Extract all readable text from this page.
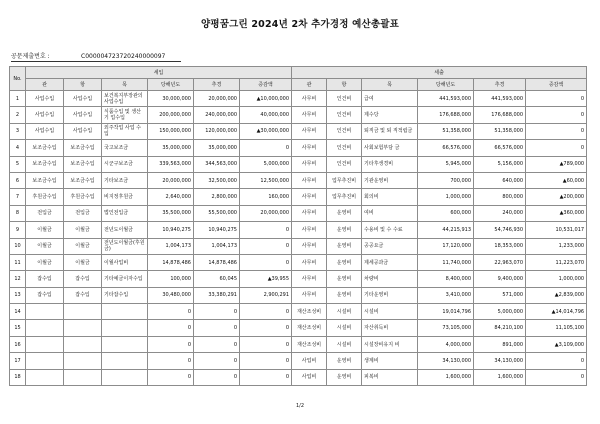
양평꿈그린 2024년 2차 추가경정 예산총괄표
공문제출번호 :	C000004723720240000097
No.	세입						세출					
	관	항	목	당해년도	추경	증감액	관	항	목	당해년도	추경	증감액
1	사업수입	사업수입	보건복지부장관의 사업수입	30,000,000	20,000,000	▲10,000,000	사무비	인건비	급여	441,593,000	441,593,000	0
2	사업수입	사업수입	식품수입 및 생산기 업수입	200,000,000	240,000,000	40,000,000	사무비	인건비	제수당	176,688,000	176,688,000	0
3	사업수입	사업수입	외주작업 사업 수입	150,000,000	120,000,000	▲30,000,000	사무비	인건비	퇴직금 및 퇴 직적립금	51,358,000	51,358,000	0
4	보조금수입	보조금수입	국고보조금	35,000,000	35,000,000	0	사무비	인건비	사회보험부담 금	66,576,000	66,576,000	0
5	보조금수입	보조금수입	시군구보조금	339,563,000	344,563,000	5,000,000	사무비	인건비	기타후생경비	5,945,000	5,156,000	▲789,000
6	보조금수입	보조금수입	기타보조금	20,000,000	32,500,000	12,500,000	사무비	업무추진비	기관운영비	700,000	640,000	▲60,000
7	후원금수입	후원금수입	비지정후원금	2,640,000	2,800,000	160,000	사무비	업무추진비	회의비	1,000,000	800,000	▲200,000
8	전입금	전입금	법인전입금	35,500,000	55,500,000	20,000,000	사무비	운영비	여비	600,000	240,000	▲360,000
9	이월금	이월금	전년도이월금	10,940,275	10,940,275	0	사무비	운영비	수용비 및 수 수료	44,215,913	54,746,930	10,531,017
10	이월금	이월금	전년도이월금(후원금)	1,004,173	1,004,173	0	사무비	운영비	공공요금	17,120,000	18,353,000	1,233,000
11	이월금	이월금	이월사업비	14,878,486	14,878,486	0	사무비	운영비	제세공과금	11,740,000	22,963,070	11,223,070
12	잡수입	잡수입	기타예금이자수입	100,000	60,045	▲39,955	사무비	운영비	차량비	8,400,000	9,400,000	1,000,000
13	잡수입	잡수입	기타잡수입	30,480,000	33,380,291	2,900,291	사무비	운영비	기타운영비	3,410,000	571,000	▲2,839,000
14				0	0	0	재산조성비	시설비	시설비	19,014,796	5,000,000	▲14,014,796
15				0	0	0	재산조성비	시설비	자산취득비	73,105,000	84,210,100	11,105,100
16				0	0	0	재산조성비	시설비	시설장비유지 비	4,000,000	891,000	▲3,109,000
17				0	0	0	사업비	운영비	생계비	34,130,000	34,130,000	0
18				0	0	0	사업비	운영비	피복비	1,600,000	1,600,000	0
1/2
